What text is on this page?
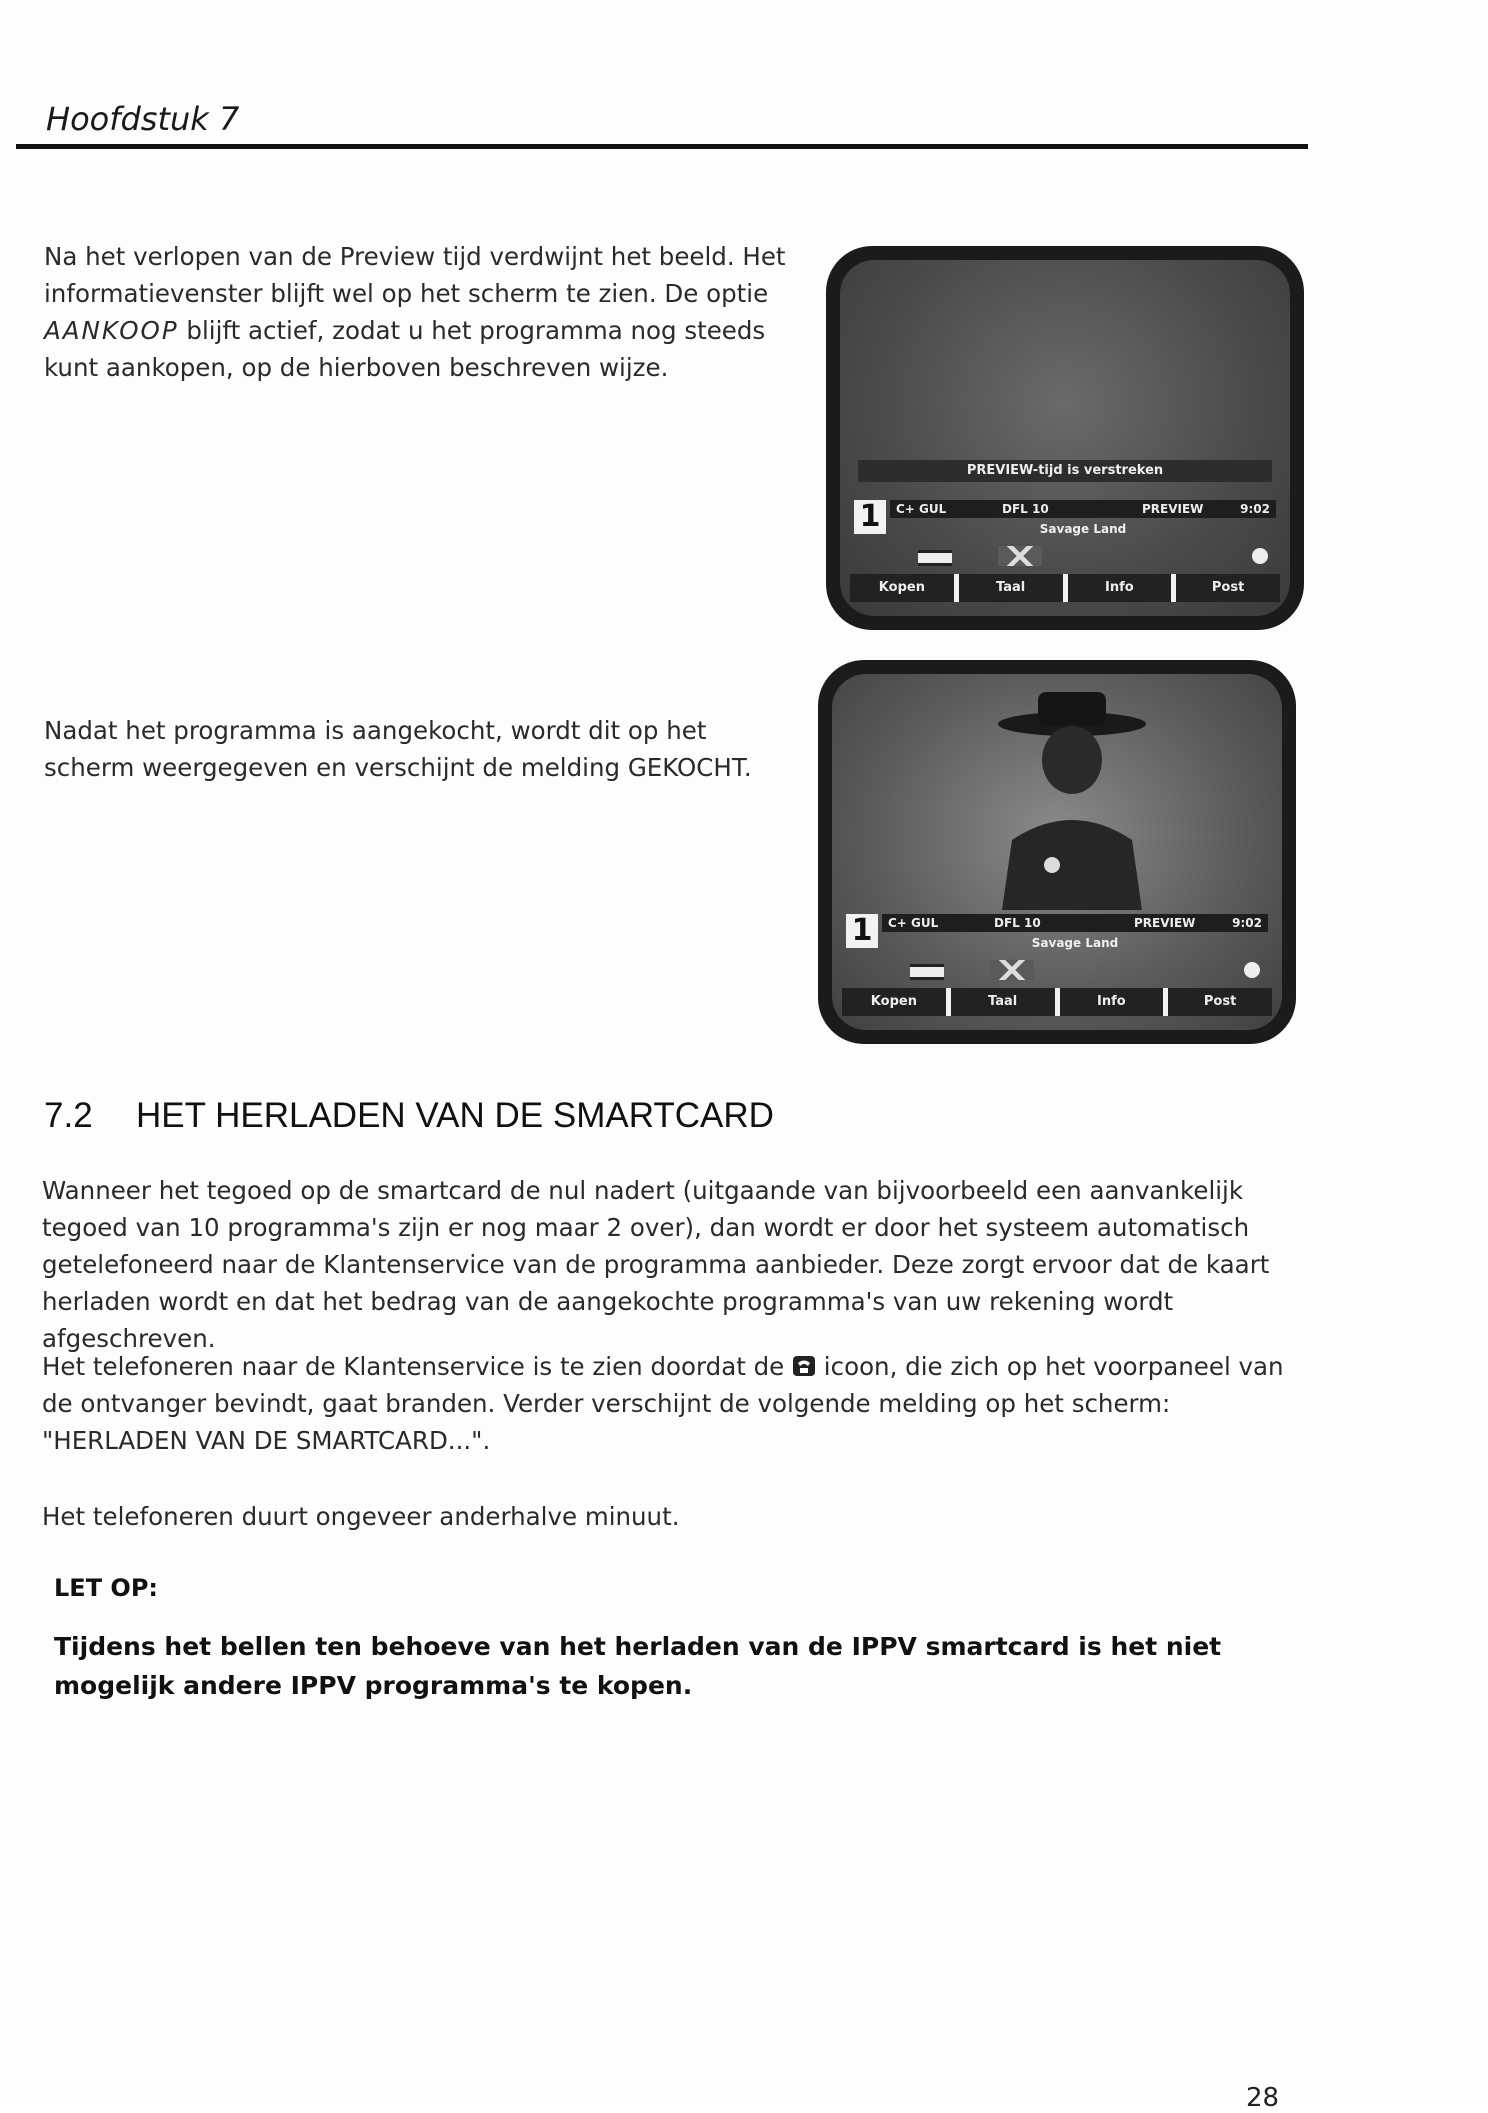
Hoofdstuk 7

Na het verlopen van de Preview tijd verdwijnt het beeld. Het informatievenster blijft wel op het scherm te zien. De optie AANKOOP blijft actief, zodat u het programma nog steeds kunt aankopen, op de hierboven beschreven wijze.

PREVIEW-tijd is verstreken
1	C+ GUL	DFL 10	PREVIEW	9:02
Savage Land
Kopen	Taal	Info	Post

Nadat het programma is aangekocht, wordt dit op het scherm weergegeven en verschijnt de melding GEKOCHT.

1	C+ GUL	DFL 10	PREVIEW	9:02
Savage Land
Kopen	Taal	Info	Post
7.2 HET HERLADEN VAN DE SMARTCARD

Wanneer het tegoed op de smartcard de nul nadert (uitgaande van bijvoorbeeld een aanvankelijk tegoed van 10 programma's zijn er nog maar 2 over), dan wordt er door het systeem automatisch getelefoneerd naar de Klantenservice van de programma aanbieder. Deze zorgt ervoor dat de kaart herladen wordt en dat het bedrag van de aangekochte programma's van uw rekening wordt afgeschreven.

Het telefoneren naar de Klantenservice is te zien doordat de  icoon, die zich op het voorpaneel van de ontvanger bevindt, gaat branden. Verder verschijnt de volgende melding op het scherm: "HERLADEN VAN DE SMARTCARD...".

Het telefoneren duurt ongeveer anderhalve minuut.

LET OP:

Tijdens het bellen ten behoeve van het herladen van de IPPV smartcard is het niet mogelijk andere IPPV programma's te kopen.

28
